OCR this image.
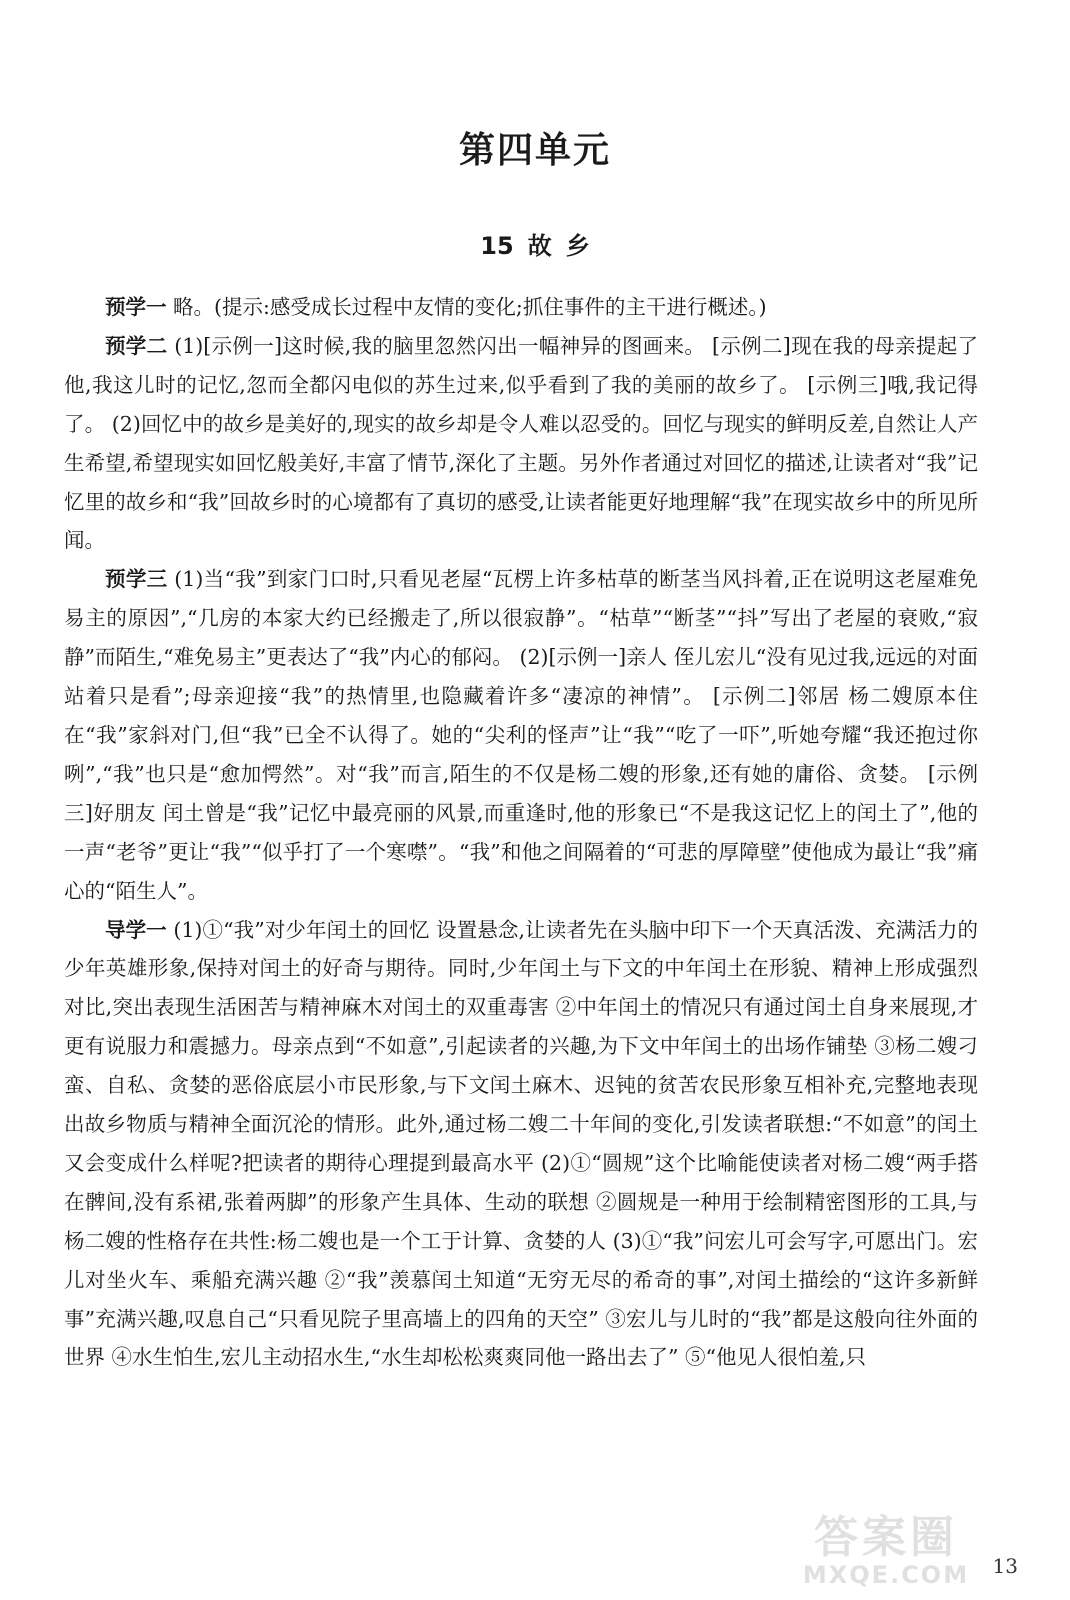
第四单元
15 故 乡

预学一 略。(提示:感受成长过程中友情的变化;抓住事件的主干进行概述。)

预学二 (1)[示例一]这时候,我的脑里忽然闪出一幅神异的图画来。 [示例二]现在我的母亲提起了他,我这儿时的记忆,忽而全都闪电似的苏生过来,似乎看到了我的美丽的故乡了。 [示例三]哦,我记得了。 (2)回忆中的故乡是美好的,现实的故乡却是令人难以忍受的。回忆与现实的鲜明反差,自然让人产生希望,希望现实如回忆般美好,丰富了情节,深化了主题。另外作者通过对回忆的描述,让读者对“我”记忆里的故乡和“我”回故乡时的心境都有了真切的感受,让读者能更好地理解“我”在现实故乡中的所见所闻。

预学三 (1)当“我”到家门口时,只看见老屋“瓦楞上许多枯草的断茎当风抖着,正在说明这老屋难免易主的原因”,“几房的本家大约已经搬走了,所以很寂静”。“枯草”“断茎”“抖”写出了老屋的衰败,“寂静”而陌生,“难免易主”更表达了“我”内心的郁闷。 (2)[示例一]亲人 侄儿宏儿“没有见过我,远远的对面站着只是看”;母亲迎接“我”的热情里,也隐藏着许多“凄凉的神情”。 [示例二]邻居 杨二嫂原本住在“我”家斜对门,但“我”已全不认得了。她的“尖利的怪声”让“我”“吃了一吓”,听她夸耀“我还抱过你咧”,“我”也只是“愈加愕然”。对“我”而言,陌生的不仅是杨二嫂的形象,还有她的庸俗、贪婪。 [示例三]好朋友 闰土曾是“我”记忆中最亮丽的风景,而重逢时,他的形象已“不是我这记忆上的闰土了”,他的一声“老爷”更让“我”“似乎打了一个寒噤”。“我”和他之间隔着的“可悲的厚障壁”使他成为最让“我”痛心的“陌生人”。

导学一 (1)①“我”对少年闰土的回忆 设置悬念,让读者先在头脑中印下一个天真活泼、充满活力的少年英雄形象,保持对闰土的好奇与期待。同时,少年闰土与下文的中年闰土在形貌、精神上形成强烈对比,突出表现生活困苦与精神麻木对闰土的双重毒害 ②中年闰土的情况只有通过闰土自身来展现,才更有说服力和震撼力。母亲点到“不如意”,引起读者的兴趣,为下文中年闰土的出场作铺垫 ③杨二嫂刁蛮、自私、贪婪的恶俗底层小市民形象,与下文闰土麻木、迟钝的贫苦农民形象互相补充,完整地表现出故乡物质与精神全面沉沦的情形。此外,通过杨二嫂二十年间的变化,引发读者联想:“不如意”的闰土又会变成什么样呢?把读者的期待心理提到最高水平 (2)①“圆规”这个比喻能使读者对杨二嫂“两手搭在髀间,没有系裙,张着两脚”的形象产生具体、生动的联想 ②圆规是一种用于绘制精密图形的工具,与杨二嫂的性格存在共性:杨二嫂也是一个工于计算、贪婪的人 (3)①“我”问宏儿可会写字,可愿出门。宏儿对坐火车、乘船充满兴趣 ②“我”羡慕闰土知道“无穷无尽的希奇的事”,对闰土描绘的“这许多新鲜事”充满兴趣,叹息自己“只看见院子里高墙上的四角的天空” ③宏儿与儿时的“我”都是这般向往外面的世界 ④水生怕生,宏儿主动招水生,“水生却松松爽爽同他一路出去了” ⑤“他见人很怕羞,只

答案圈
MXQE.COM	13
